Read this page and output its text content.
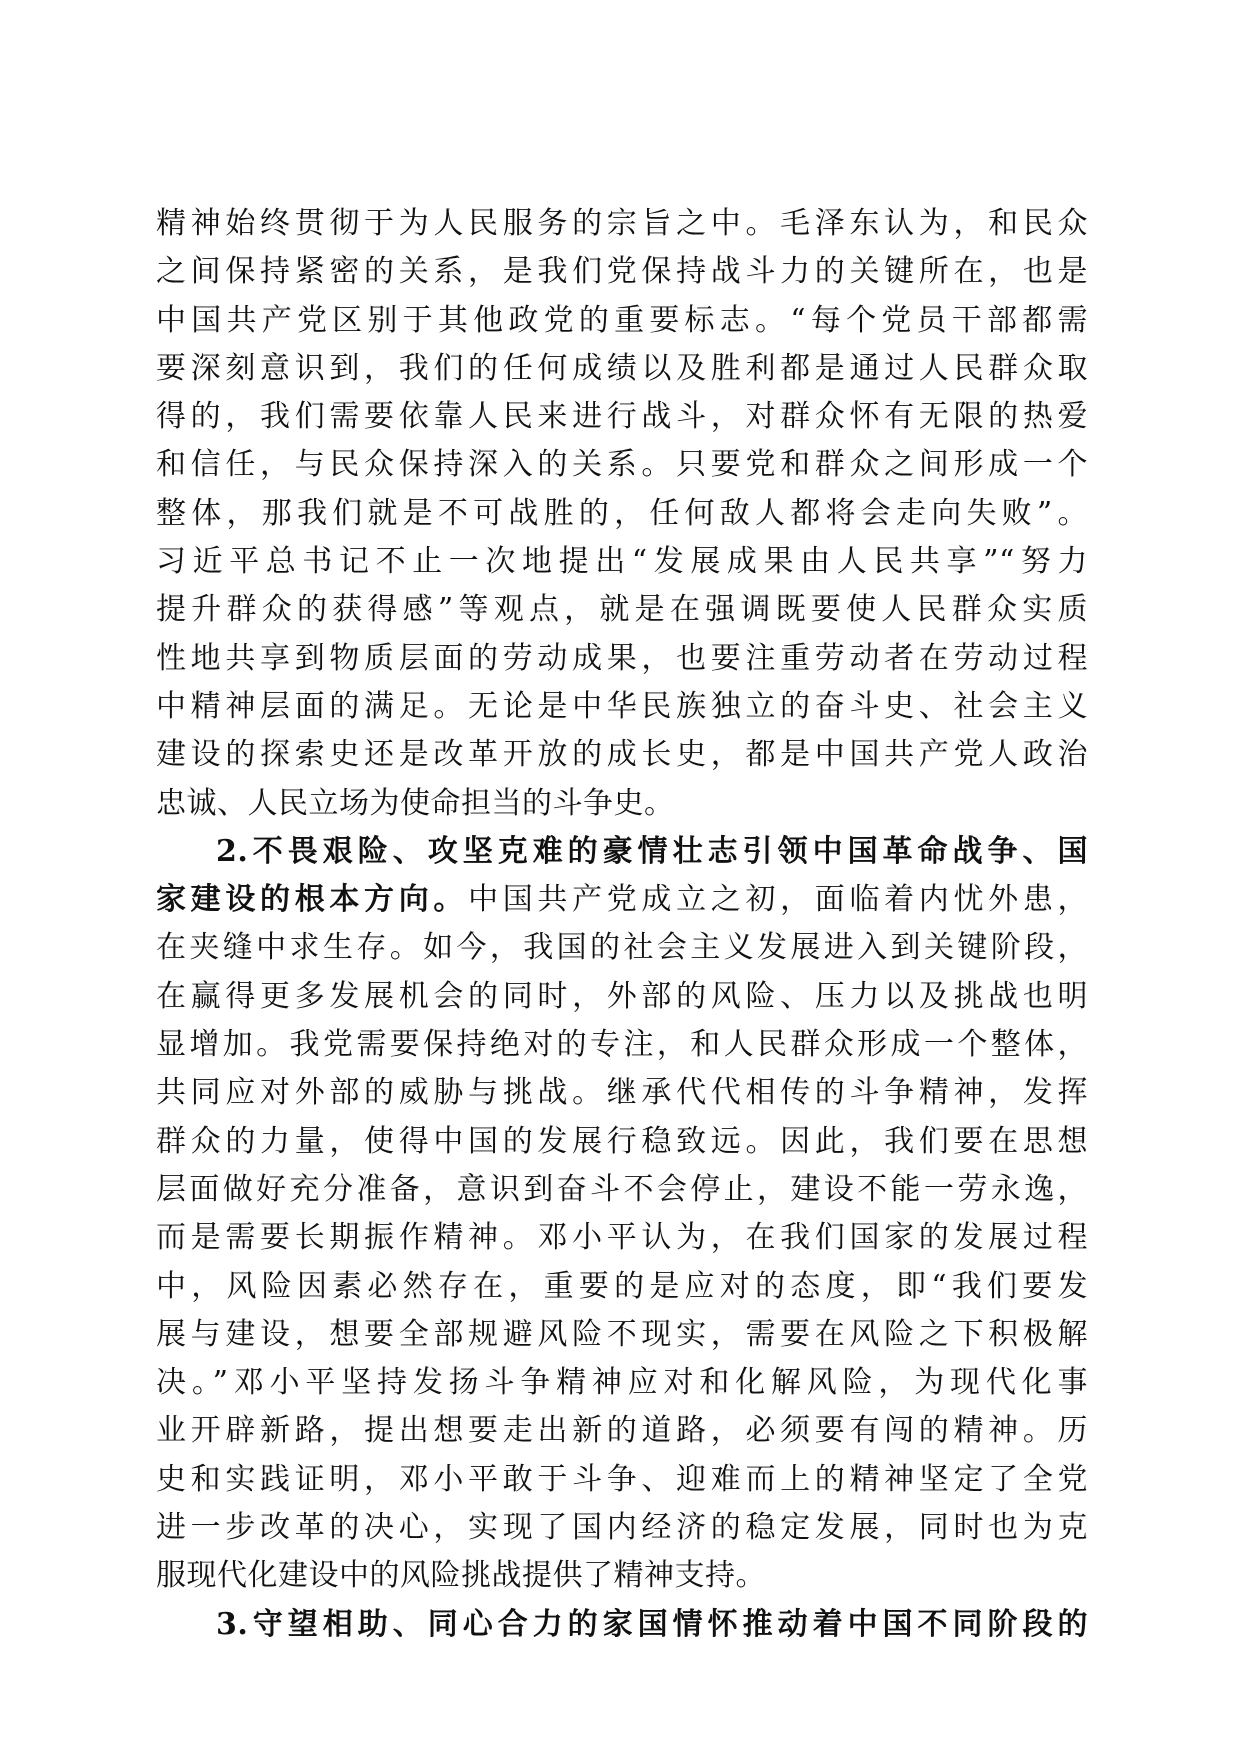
精神始终贯彻于为人民服务的宗旨之中。毛泽东认为，和民众
之间保持紧密的关系，是我们党保持战斗力的关键所在，也是
中国共产党区别于其他政党的重要标志。“每个党员干部都需
要深刻意识到，我们的任何成绩以及胜利都是通过人民群众取
得的，我们需要依靠人民来进行战斗，对群众怀有无限的热爱
和信任，与民众保持深入的关系。只要党和群众之间形成一个
整体，那我们就是不可战胜的，任何敌人都将会走向失败”。
习近平总书记不止一次地提出“发展成果由人民共享”“努力
提升群众的获得感”等观点，就是在强调既要使人民群众实质
性地共享到物质层面的劳动成果，也要注重劳动者在劳动过程
中精神层面的满足。无论是中华民族独立的奋斗史、社会主义
建设的探索史还是改革开放的成长史，都是中国共产党人政治
忠诚、人民立场为使命担当的斗争史。
2.不畏艰险、攻坚克难的豪情壮志引领中国革命战争、国
家建设的根本方向。中国共产党成立之初，面临着内忧外患，
在夹缝中求生存。如今，我国的社会主义发展进入到关键阶段，
在赢得更多发展机会的同时，外部的风险、压力以及挑战也明
显增加。我党需要保持绝对的专注，和人民群众形成一个整体，
共同应对外部的威胁与挑战。继承代代相传的斗争精神，发挥
群众的力量，使得中国的发展行稳致远。因此，我们要在思想
层面做好充分准备，意识到奋斗不会停止，建设不能一劳永逸，
而是需要长期振作精神。邓小平认为，在我们国家的发展过程
中，风险因素必然存在，重要的是应对的态度，即“我们要发
展与建设，想要全部规避风险不现实，需要在风险之下积极解
决。”邓小平坚持发扬斗争精神应对和化解风险，为现代化事
业开辟新路，提出想要走出新的道路，必须要有闯的精神。历
史和实践证明，邓小平敢于斗争、迎难而上的精神坚定了全党
进一步改革的决心，实现了国内经济的稳定发展，同时也为克
服现代化建设中的风险挑战提供了精神支持。
3.守望相助、同心合力的家国情怀推动着中国不同阶段的
